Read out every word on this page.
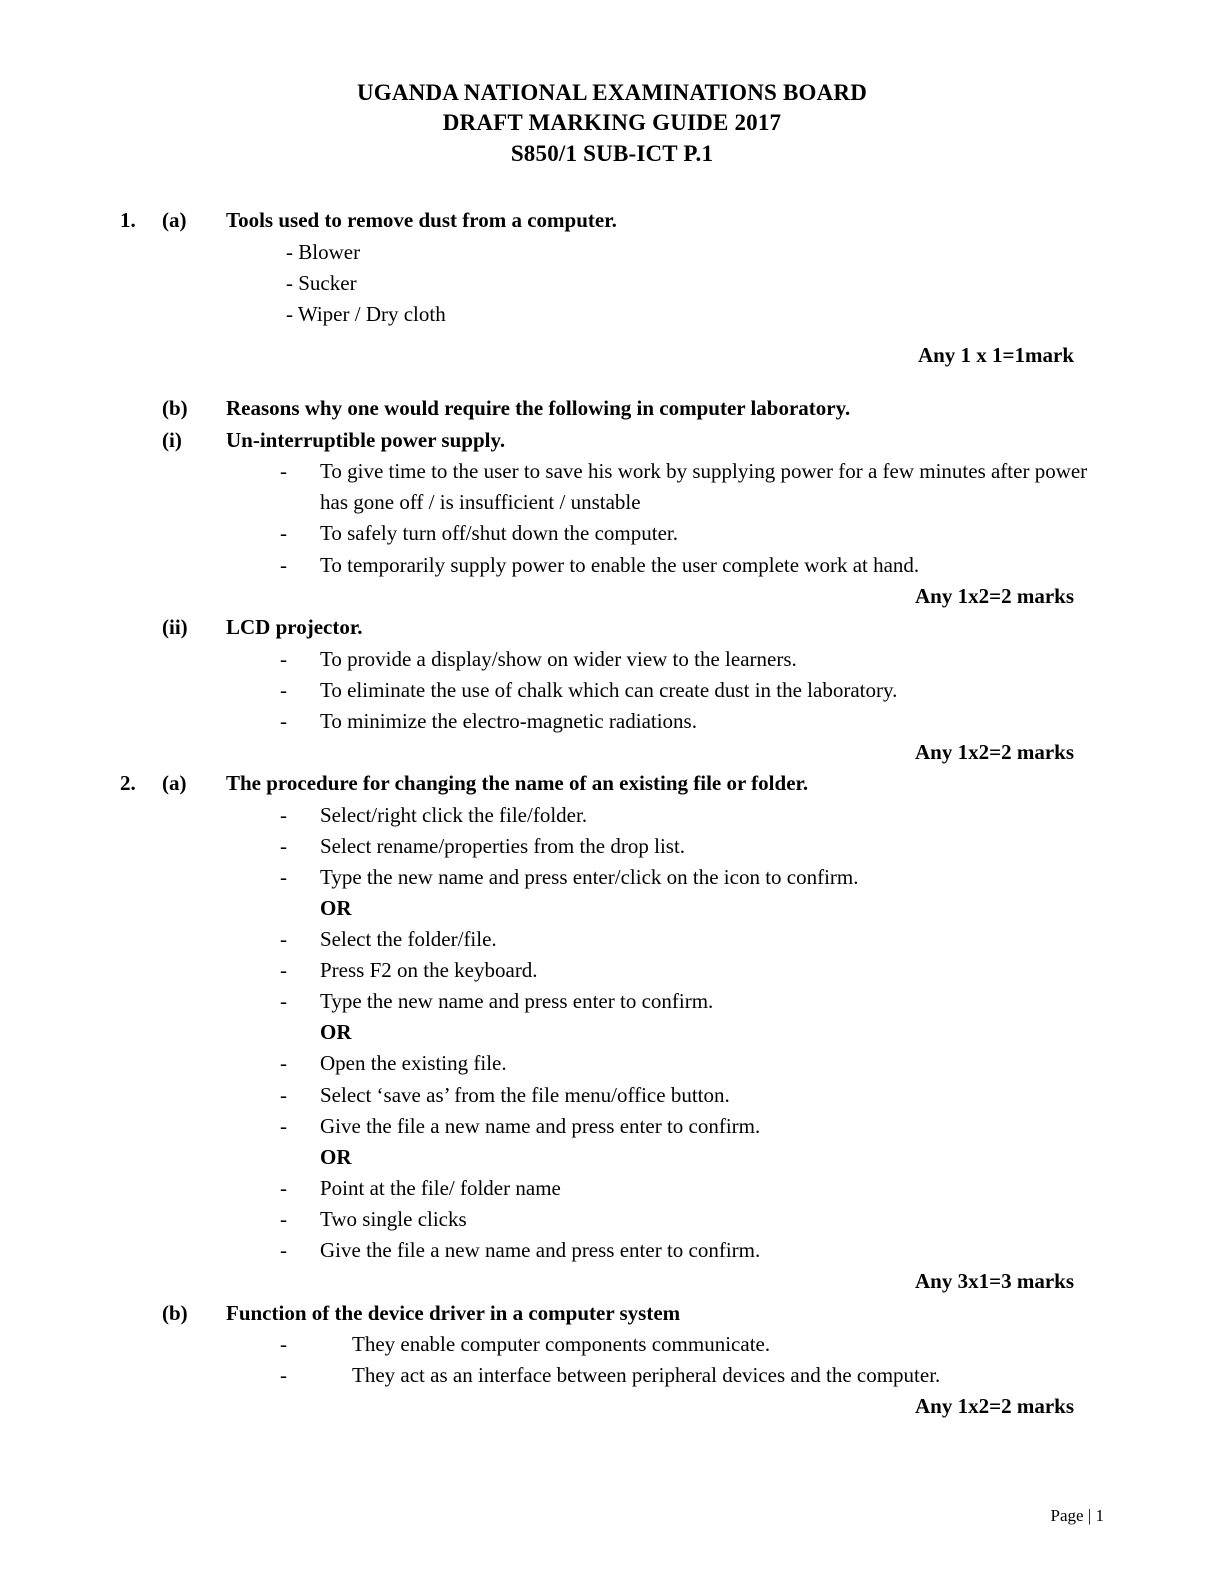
UGANDA NATIONAL EXAMINATIONS BOARD
DRAFT MARKING GUIDE 2017
S850/1 SUB-ICT P.1
1.	(a)	Tools used to remove dust from a computer.
- Blower
- Sucker
- Wiper / Dry cloth
Any 1 x 1=1mark
(b)	Reasons why one would require the following in computer laboratory.
(i)	Un-interruptible power supply.
-	To give time to the user to save his work by supplying power for a few minutes after power has gone off / is insufficient / unstable
-	To safely turn off/shut down the computer.
-	To temporarily supply power to enable the user complete work at hand.
Any 1x2=2 marks
(ii)	LCD projector.
-	To provide a display/show on wider view to the learners.
-	To eliminate the use of chalk which can create dust in the laboratory.
-	To minimize the electro-magnetic radiations.
Any 1x2=2 marks
2.	(a)	The procedure for changing the name of an existing file or folder.
-	Select/right click the file/folder.
-	Select rename/properties from the drop list.
-	Type the new name and press enter/click on the icon to confirm.
OR
-	Select the folder/file.
-	Press F2 on the keyboard.
-	Type the new name and press enter to confirm.
OR
-	Open the existing file.
-	Select ‘save as’ from the file menu/office button.
-	Give the file a new name and press enter to confirm.
OR
-	Point at the file/ folder name
-	Two single clicks
-	Give the file a new name and press enter to confirm.
Any 3x1=3 marks
(b)	Function of the device driver in a computer system
-	They enable computer components communicate.
-	They act as an interface between peripheral devices and the computer.
Any 1x2=2 marks
Page | 1
